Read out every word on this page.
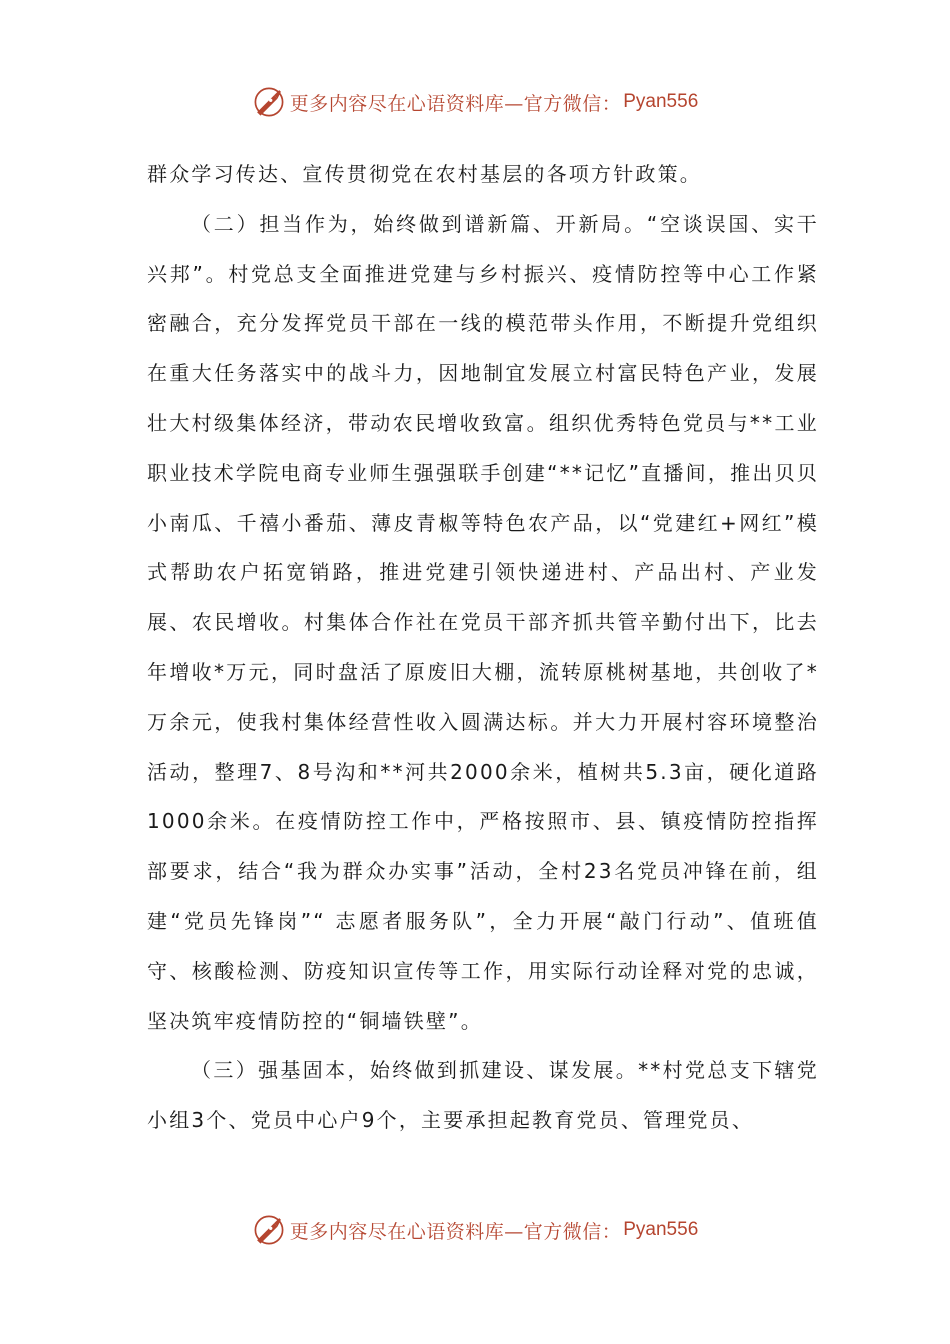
更多内容尽在心语资料库—官方微信： Pyan556

群众学习传达、宣传贯彻党在农村基层的各项方针政策。

（二）担当作为，始终做到谱新篇、开新局。“空谈误国、实干兴邦”。村党总支全面推进党建与乡村振兴、疫情防控等中心工作紧密融合，充分发挥党员干部在一线的模范带头作用，不断提升党组织在重大任务落实中的战斗力，因地制宜发展立村富民特色产业，发展壮大村级集体经济，带动农民增收致富。组织优秀特色党员与**工业职业技术学院电商专业师生强强联手创建“**记忆”直播间，推出贝贝小南瓜、千禧小番茄、薄皮青椒等特色农产品，以“党建红+网红”模式帮助农户拓宽销路，推进党建引领快递进村、产品出村、产业发展、农民增收。村集体合作社在党员干部齐抓共管辛勤付出下，比去年增收*万元，同时盘活了原废旧大棚，流转原桃树基地，共创收了*万余元，使我村集体经营性收入圆满达标。并大力开展村容环境整治活动，整理7、8号沟和**河共2000余米，植树共5.3亩，硬化道路1000余米。在疫情防控工作中，严格按照市、县、镇疫情防控指挥部要求，结合“我为群众办实事”活动，全村23名党员冲锋在前，组建“党员先锋岗”“ 志愿者服务队”，全力开展“敲门行动”、值班值守、核酸检测、防疫知识宣传等工作，用实际行动诠释对党的忠诚，坚决筑牢疫情防控的“铜墙铁壁”。

（三）强基固本，始终做到抓建设、谋发展。**村党总支下辖党小组3个、党员中心户9个，主要承担起教育党员、管理党员、

更多内容尽在心语资料库—官方微信： Pyan556
